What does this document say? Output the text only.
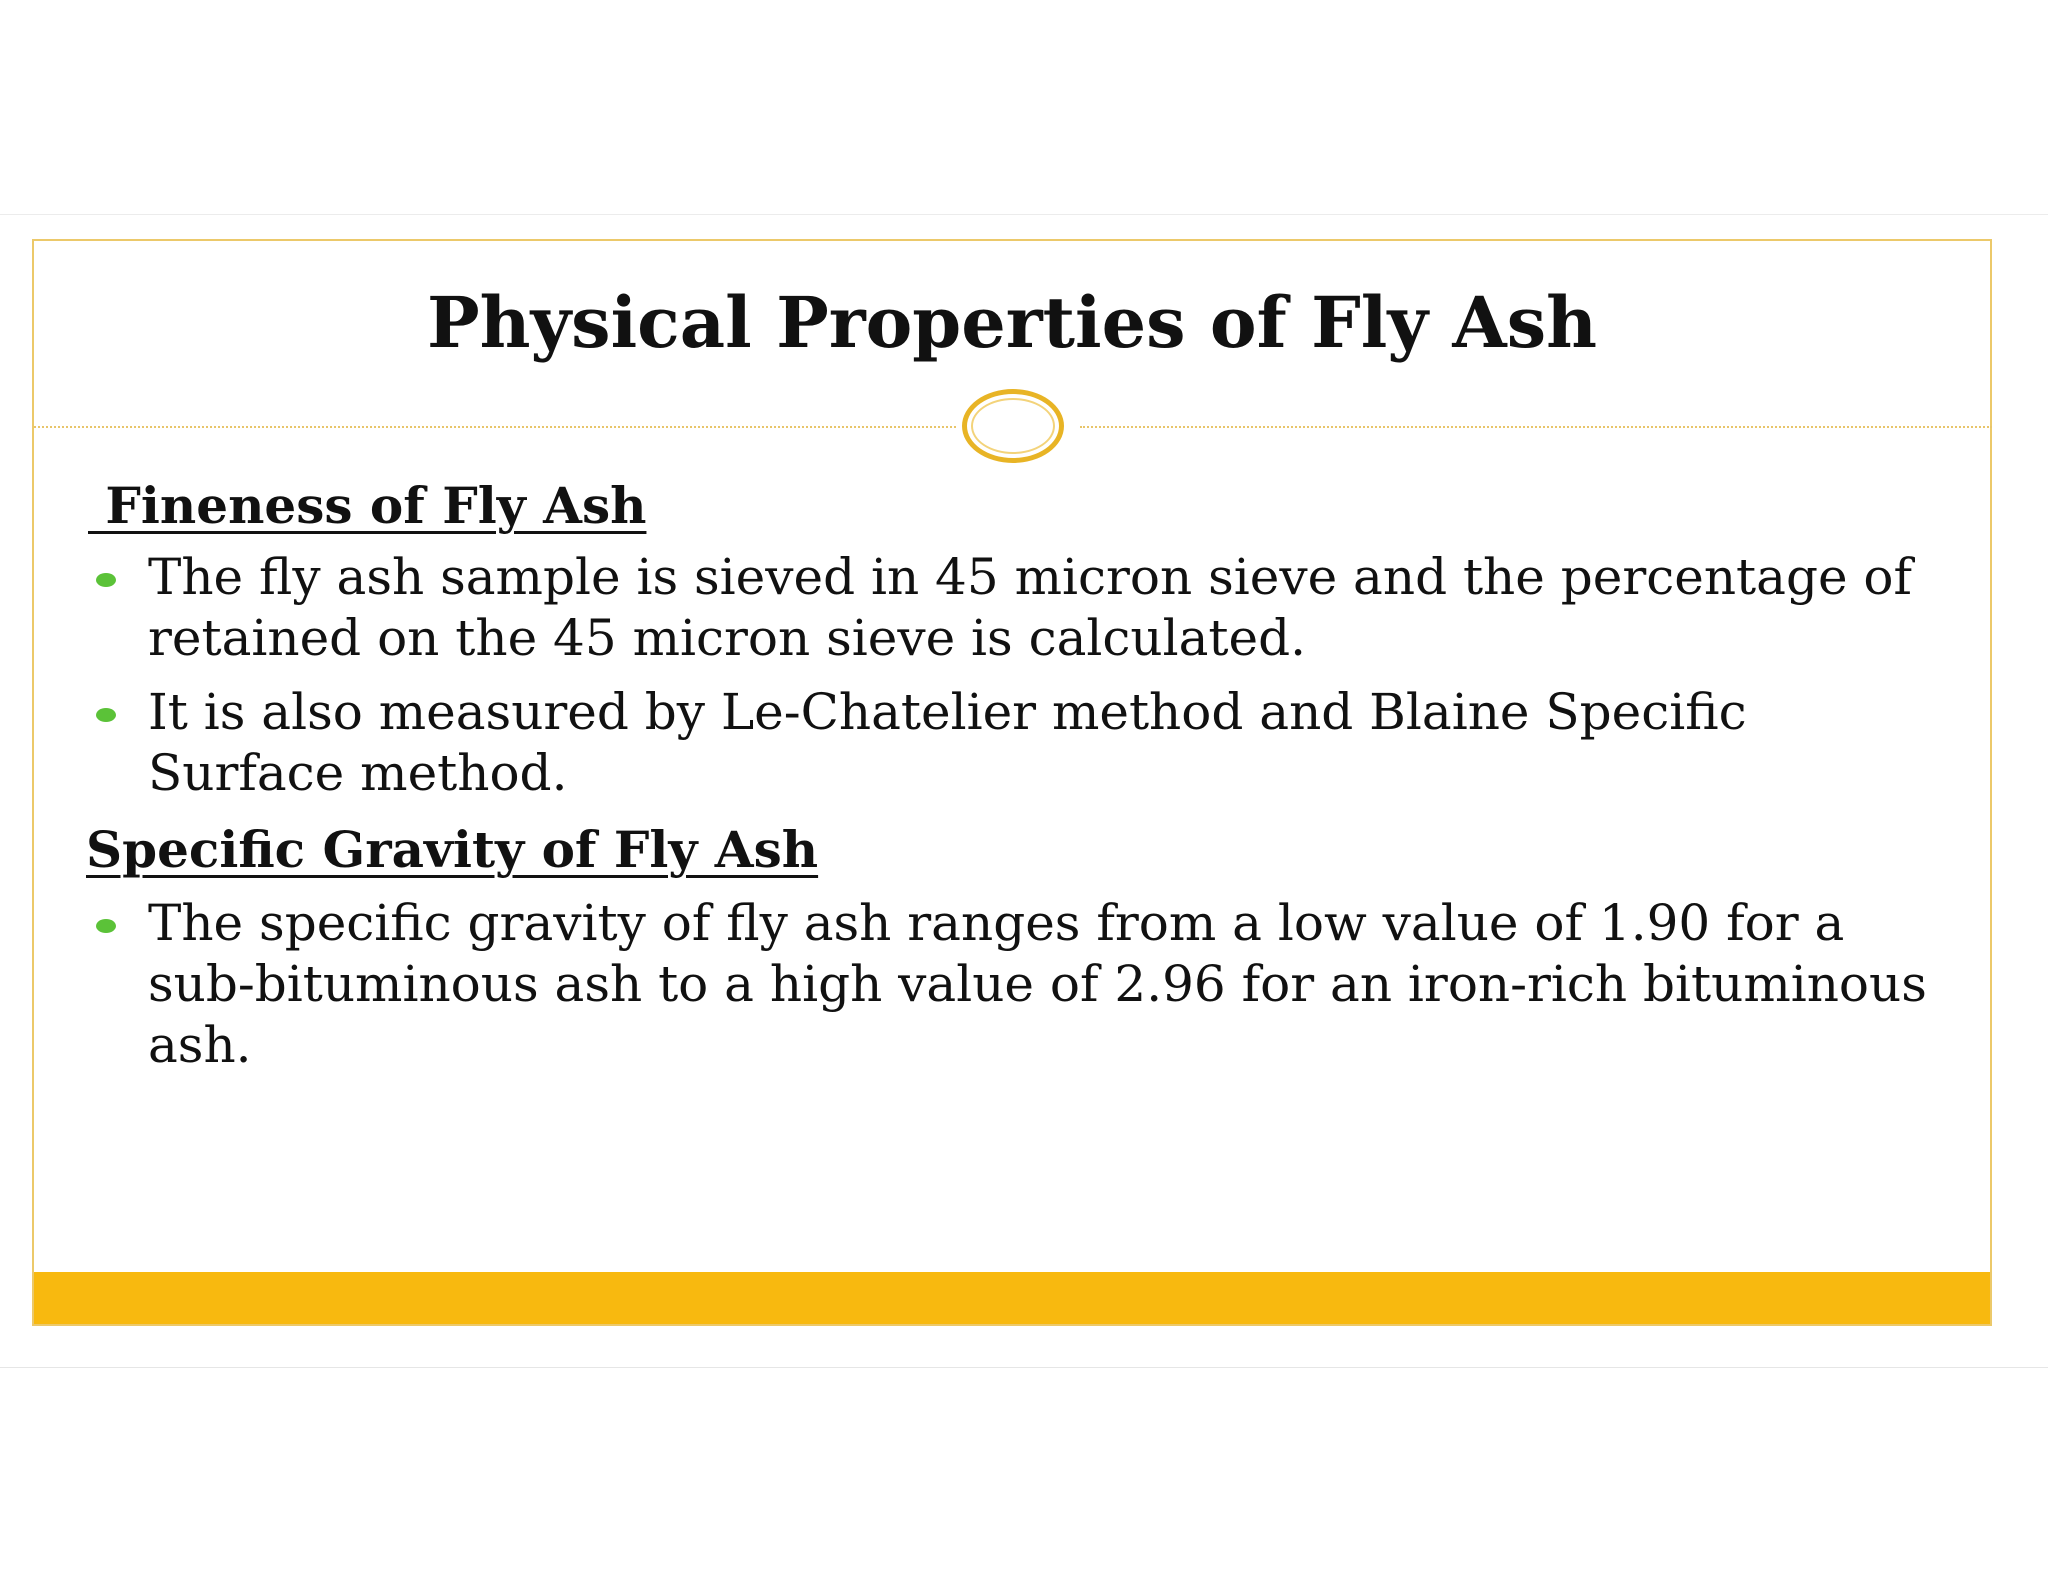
Physical Properties of Fly Ash
Fineness of Fly Ash
The fly ash sample is sieved in 45 micron sieve and the percentage of retained on the 45 micron sieve is calculated.
It is also measured by Le-Chatelier method and Blaine Specific Surface method.
Specific Gravity of Fly Ash
The specific gravity of fly ash ranges from a low value of 1.90 for a sub-bituminous ash to a high value of 2.96 for an iron-rich bituminous ash.
